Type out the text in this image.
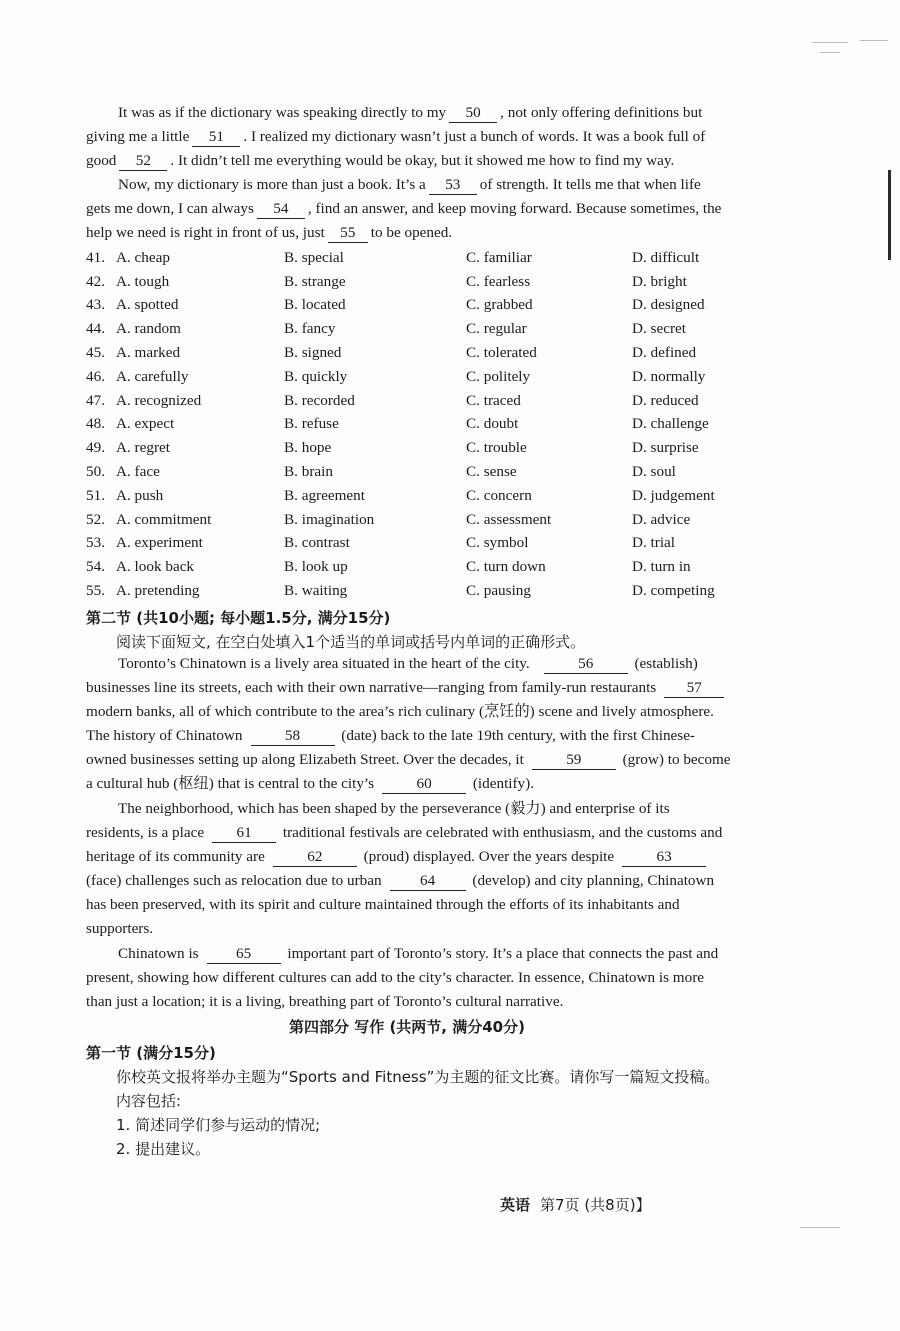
It was as if the dictionary was speaking directly to my 50 , not only offering definitions but
giving me a little 51 . I realized my dictionary wasn’t just a bunch of words. It was a book full of
good 52 . It didn’t tell me everything would be okay, but it showed me how to find my way.
Now, my dictionary is more than just a book. It’s a 53 of strength. It tells me that when life
gets me down, I can always 54 , find an answer, and keep moving forward. Because sometimes, the
help we need is right in front of us, just 55 to be opened.
41. A. cheap	B. special	C. familiar	D. difficult
42. A. tough	B. strange	C. fearless	D. bright
43. A. spotted	B. located	C. grabbed	D. designed
44. A. random	B. fancy	C. regular	D. secret
45. A. marked	B. signed	C. tolerated	D. defined
46. A. carefully	B. quickly	C. politely	D. normally
47. A. recognized	B. recorded	C. traced	D. reduced
48. A. expect	B. refuse	C. doubt	D. challenge
49. A. regret	B. hope	C. trouble	D. surprise
50. A. face	B. brain	C. sense	D. soul
51. A. push	B. agreement	C. concern	D. judgement
52. A. commitment	B. imagination	C. assessment	D. advice
53. A. experiment	B. contrast	C. symbol	D. trial
54. A. look back	B. look up	C. turn down	D. turn in
55. A. pretending	B. waiting	C. pausing	D. competing
第二节 (共10小题; 每小题1.5分, 满分15分)
阅读下面短文, 在空白处填入1个适当的单词或括号内单词的正确形式。
Toronto’s Chinatown is a lively area situated in the heart of the city.	56	(establish)
businesses line its streets, each with their own narrative—ranging from family-run restaurants 57
modern banks, all of which contribute to the area’s rich culinary (烹饪的) scene and lively atmosphere.
The history of Chinatown	58	(date) back to the late 19th century, with the first Chinese-
owned businesses setting up along Elizabeth Street. Over the decades, it	59	(grow) to become
a cultural hub (枢纽) that is central to the city’s	60	(identify).
The neighborhood, which has been shaped by the perseverance (毅力) and enterprise of its
residents, is a place 61 traditional festivals are celebrated with enthusiasm, and the customs and
heritage of its community are	62	(proud) displayed. Over the years despite	63
(face) challenges such as relocation due to urban	64 (develop) and city planning, Chinatown
has been preserved, with its spirit and culture maintained through the efforts of its inhabitants and
supporters.
Chinatown is 65 important part of Toronto’s story. It’s a place that connects the past and
present, showing how different cultures can add to the city’s character. In essence, Chinatown is more
than just a location; it is a living, breathing part of Toronto’s cultural narrative.
第四部分 写作 (共两节, 满分40分)
第一节 (满分15分)
你校英文报将举办主题为“Sports and Fitness”为主题的征文比赛。请你写一篇短文投稿。
内容包括:
1. 简述同学们参与运动的情况;
2. 提出建议。
英语 第7页 (共8页)】
